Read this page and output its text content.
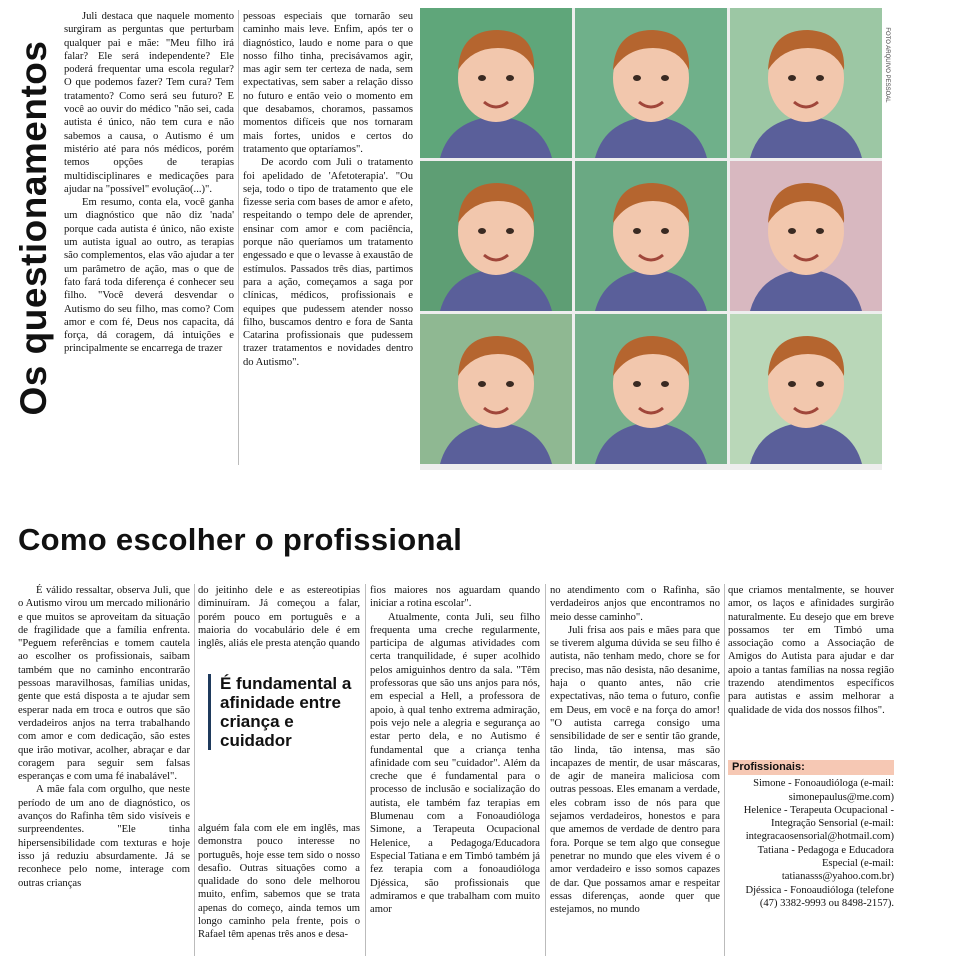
Os questionamentos

Juli destaca que naquele momento surgiram as perguntas que perturbam qualquer pai e mãe: "Meu filho irá falar? Ele será independente? Ele poderá frequentar uma escola regular? O que podemos fazer? Tem cura? Tem tratamento? Como será seu futuro? E você ao ouvir do médico "não sei, cada autista é único, não tem cura e não sabemos a causa, o Autismo é um mistério até para nós médicos, porém temos opções de terapias multidisciplinares e medicações para ajudar na "possível" evolução(...)".

Em resumo, conta ela, você ganha um diagnóstico que não diz 'nada' porque cada autista é único, não existe um autista igual ao outro, as terapias são complementos, elas vão ajudar a ter um parâmetro de ação, mas o que de fato fará toda diferença é conhecer seu filho. "Você deverá desvendar o Autismo do seu filho, mas como? Com amor e com fé, Deus nos capacita, dá força, dá coragem, dá intuições e principalmente se encarrega de trazer

pessoas especiais que tornarão seu caminho mais leve. Enfim, após ter o diagnóstico, laudo e nome para o que nosso filho tinha, precisávamos agir, mas agir sem ter certeza de nada, sem expectativas, sem saber a relação disso no futuro e então veio o momento em que desabamos, choramos, passamos momentos difíceis que nos tornaram mais fortes, unidos e certos do tratamento que optaríamos".

De acordo com Juli o tratamento foi apelidado de 'Afetoterapia'. "Ou seja, todo o tipo de tratamento que ele fizesse seria com bases de amor e afeto, respeitando o tempo dele de aprender, ensinar com amor e com paciência, porque não queríamos um tratamento engessado e que o levasse à exaustão de estímulos. Passados três dias, partimos para a ação, começamos a saga por clínicas, médicos, profissionais e equipes que pudessem atender nosso filho, buscamos dentro e fora de Santa Catarina profissionais que pudessem trazer tratamentos e novidades dentro do Autismo".

FOTO ARQUIVO PESSOAL
Como escolher o profissional

É válido ressaltar, observa Juli, que o Autismo virou um mercado milionário e que muitos se aproveitam da situação de fragilidade que a família enfrenta. "Peguem referências e tomem cautela ao escolher os profissionais, saibam também que no caminho encontrarão pessoas maravilhosas, famílias unidas, gente que está disposta a te ajudar sem esperar nada em troca e outros que são verdadeiros anjos na terra trabalhando com amor e com dedicação, são estes que irão motivar, acolher, abraçar e dar coragem para seguir sem falsas esperanças e com uma fé inabalável".

A mãe fala com orgulho, que neste período de um ano de diagnóstico, os avanços do Rafinha têm sido visíveis e surpreendentes. "Ele tinha hipersensibilidade com texturas e hoje isso já reduziu absurdamente. Já se reconhece pelo nome, interage com outras crianças

do jeitinho dele e as estereotipias diminuíram. Já começou a falar, porém pouco em português e a maioria do vocabulário dele é em inglês, aliás ele presta atenção quando

É fundamental a afinidade entre criança e cuidador

alguém fala com ele em inglês, mas demonstra pouco interesse no português, hoje esse tem sido o nosso desafio. Outras situações como a qualidade do sono dele melhorou muito, enfim, sabemos que se trata apenas do começo, ainda temos um longo caminho pela frente, pois o Rafael têm apenas três anos e desa-

fios maiores nos aguardam quando iniciar a rotina escolar".

Atualmente, conta Juli, seu filho frequenta uma creche regularmente, participa de algumas atividades com certa tranquilidade, é super acolhido pelos amiguinhos dentro da sala. "Têm professoras que são uns anjos para nós, em especial a Hell, a professora de apoio, à qual tenho extrema admiração, pois vejo nele a alegria e segurança ao estar perto dela, e no Autismo é fundamental que a criança tenha afinidade com seu "cuidador". Além da creche que é fundamental para o processo de inclusão e socialização do autista, ele também faz terapias em Blumenau com a Fonoaudióloga Simone, a Terapeuta Ocupacional Helenice, a Pedagoga/Educadora Especial Tatiana e em Timbó também já fez terapia com a fonoaudióloga Djéssica, são profissionais que admiramos e que trabalham com muito amor

no atendimento com o Rafinha, são verdadeiros anjos que encontramos no meio desse caminho".

Juli frisa aos pais e mães para que se tiverem alguma dúvida se seu filho é autista, não tenham medo, chore se for preciso, mas não desista, não desanime, haja o quanto antes, não crie expectativas, não tema o futuro, confie em Deus, em você e na força do amor! "O autista carrega consigo uma sensibilidade de ser e sentir tão grande, tão linda, tão intensa, mas são incapazes de mentir, de usar máscaras, de agir de maneira maliciosa com outras pessoas. Eles emanam a verdade, eles cobram isso de nós para que sejamos verdadeiros, honestos e para que amemos de verdade de dentro para fora. Porque se tem algo que consegue penetrar no mundo que eles vivem é o amor verdadeiro e isso somos capazes de dar. Que possamos amar e respeitar essas diferenças, aonde quer que estejamos, no mundo

que criamos mentalmente, se houver amor, os laços e afinidades surgirão naturalmente. Eu desejo que em breve possamos ter em Timbó uma associação como a Associação de Amigos do Autista para ajudar e dar apoio a tantas famílias na nossa região trazendo atendimentos específicos para autistas e assim melhorar a qualidade de vida dos nossos filhos".

Profissionais:
Simone - Fonoaudióloga (e-mail: simonepaulus@me.com)
Helenice - Terapeuta Ocupacional - Integração Sensorial (e-mail: integracaosensorial@hotmail.com)
Tatiana - Pedagoga e Educadora Especial (e-mail: tatianasss@yahoo.com.br)
Djéssica - Fonoaudióloga (telefone (47) 3382-9993 ou 8498-2157).
